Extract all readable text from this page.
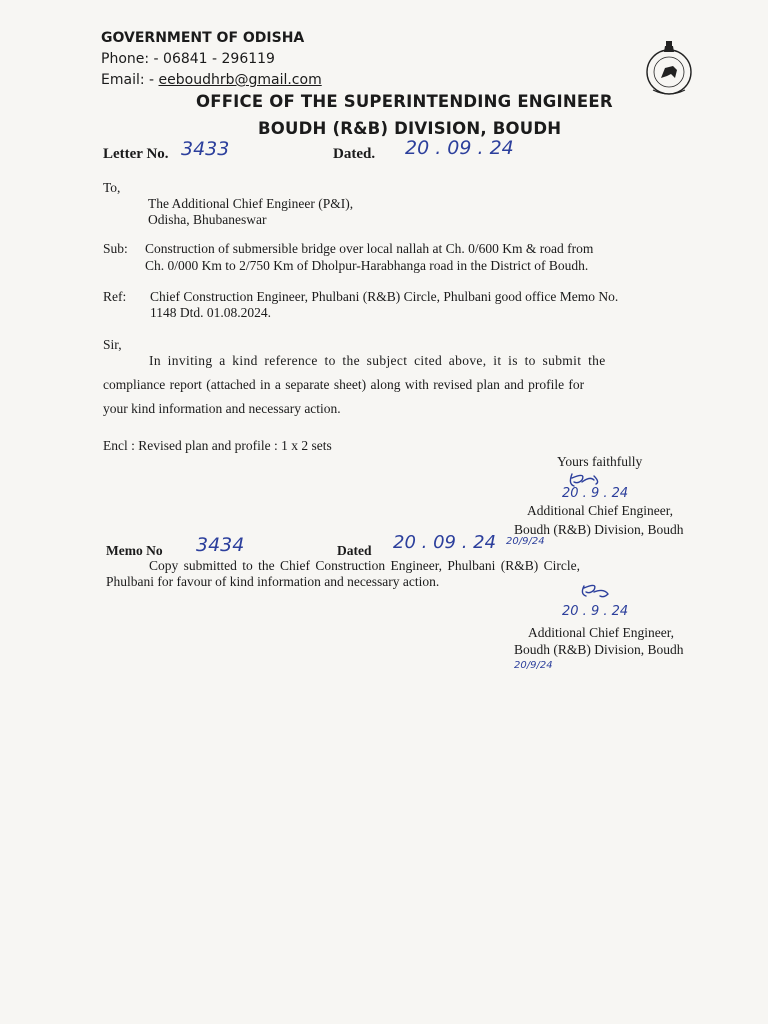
GOVERNMENT OF ODISHA
Phone: - 06841 - 296119
Email: - eeboudhrb@gmail.com
OFFICE OF THE SUPERINTENDING ENGINEER
BOUDH (R&B) DIVISION, BOUDH
Letter No. 3433	Dated. 20 . 09 . 24
To,
The Additional Chief Engineer (P&I),
Odisha, Bhubaneswar
Sub: Construction of submersible bridge over local nallah at Ch. 0/600 Km & road from
Ch. 0/000 Km to 2/750 Km of Dholpur-Harabhanga road in the District of Boudh.
Ref: Chief Construction Engineer, Phulbani (R&B) Circle, Phulbani good office Memo No.
1148 Dtd. 01.08.2024.
Sir,
In inviting a kind reference to the subject cited above, it is to submit the
compliance report (attached in a separate sheet) along with revised plan and profile for
your kind information and necessary action.
Encl : Revised plan and profile : 1 x 2 sets
Yours faithfully
20 . 9 . 24
Additional Chief Engineer,
Boudh (R&B) Division, Boudh
20/9/24
Memo No 3434	Dated 20 . 09 . 24
Copy submitted to the Chief Construction Engineer, Phulbani (R&B) Circle,
Phulbani for favour of kind information and necessary action.
20 . 9 . 24
Additional Chief Engineer,
Boudh (R&B) Division, Boudh
20/9/24
